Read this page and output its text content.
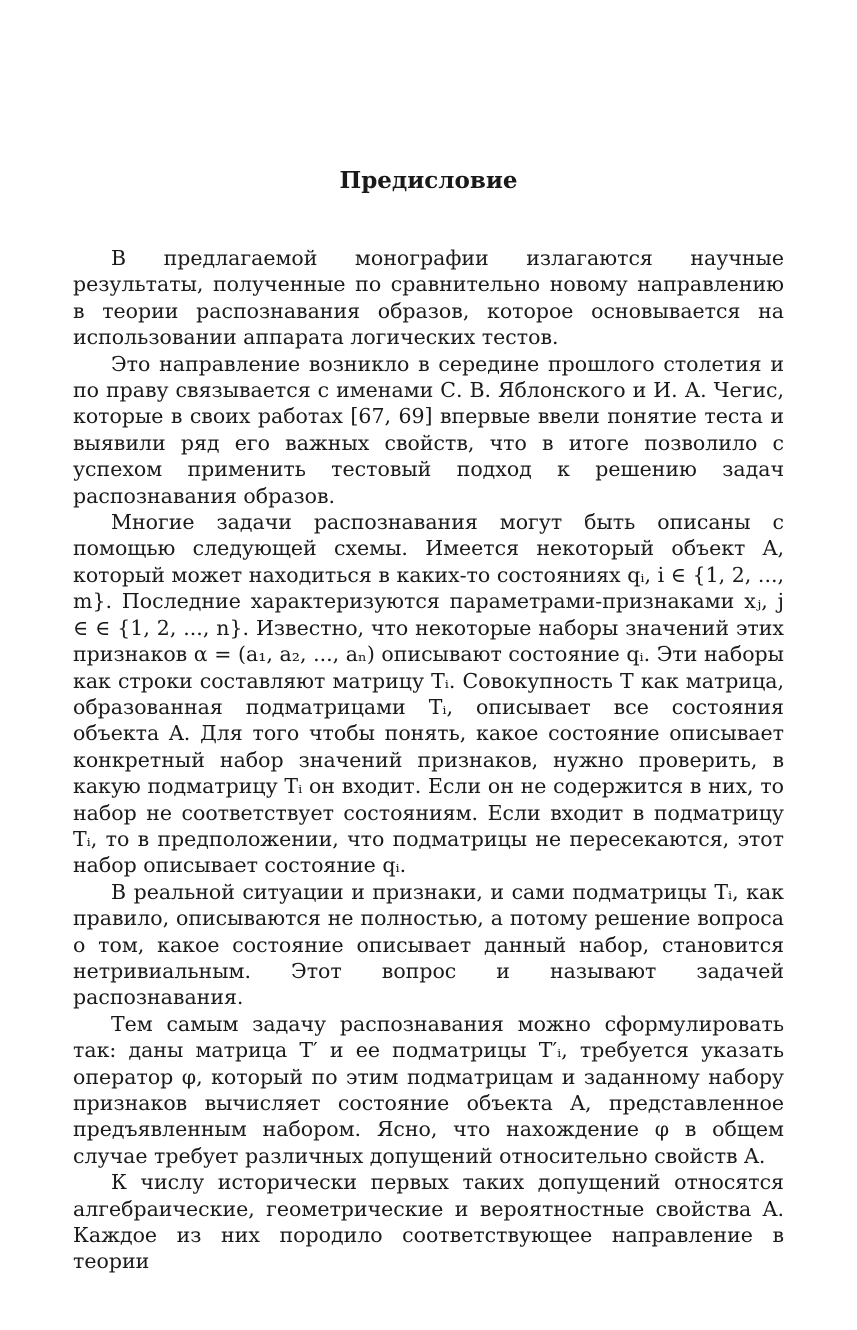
Предисловие

В предлагаемой монографии излагаются научные результаты, полученные по сравнительно новому направлению в теории распознавания образов, которое основывается на использовании аппарата логических тестов.

Это направление возникло в середине прошлого столетия и по праву связывается с именами С. В. Яблонского и И. А. Чегис, которые в своих работах [67, 69] впервые ввели понятие теста и выявили ряд его важных свойств, что в итоге позволило с успехом применить тестовый подход к решению задач распознавания образов.

Многие задачи распознавания могут быть описаны с помощью следующей схемы. Имеется некоторый объект A, который может находиться в каких-то состояниях qᵢ, i ∈ {1, 2, ..., m}. Последние характеризуются параметрами-признаками xⱼ, j ∈ ∈ {1, 2, ..., n}. Известно, что некоторые наборы значений этих признаков α = (a₁, a₂, ..., aₙ) описывают состояние qᵢ. Эти наборы как строки составляют матрицу Tᵢ. Совокупность T как матрица, образованная подматрицами Tᵢ, описывает все состояния объекта A. Для того чтобы понять, какое состояние описывает конкретный набор значений признаков, нужно проверить, в какую подматрицу Tᵢ он входит. Если он не содержится в них, то набор не соответствует состояниям. Если входит в подматрицу Tᵢ, то в предположении, что подматрицы не пересекаются, этот набор описывает состояние qᵢ.

В реальной ситуации и признаки, и сами подматрицы Tᵢ, как правило, описываются не полностью, а потому решение вопроса о том, какое состояние описывает данный набор, становится нетривиальным. Этот вопрос и называют задачей распознавания.

Тем самым задачу распознавания можно сформулировать так: даны матрица T′ и ее подматрицы T′ᵢ, требуется указать оператор φ, который по этим подматрицам и заданному набору признаков вычисляет состояние объекта A, представленное предъявленным набором. Ясно, что нахождение φ в общем случае требует различных допущений относительно свойств A.

К числу исторически первых таких допущений относятся алгебраические, геометрические и вероятностные свойства A. Каждое из них породило соответствующее направление в теории
